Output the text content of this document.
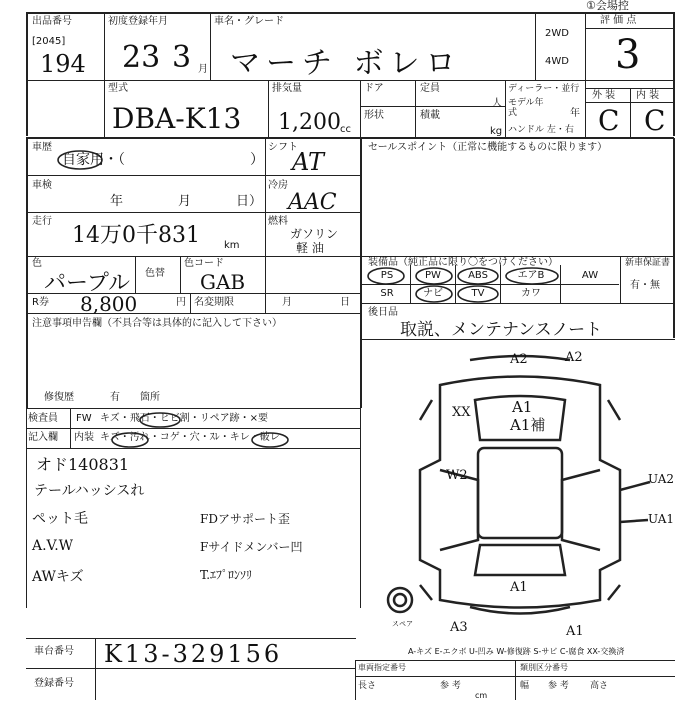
出品番号
[2045]
194
初度登録年月
23 3 月
車名・グレード
マーチ ボレロ
2WD
4WD
①会場控
評 価 点
3
外 装 内 装
C C
型式
DBA-K13
排気量
1,200 cc
ドア
形状
定員
人
積載
kg
ディーラー・並行
モデル年式	年
ハンドル 左・右
車歴
自家用・（	）
シフト
AT
車検
年	月	日）
冷房
AAC
走行
14万0千831 km
燃料
ガソリン
軽 油
色
パープル 色替
色コード
GAB
R券 8,800	円 名変期限	月	日
注意事項申告欄（不具合等は具体的に記入して下さい）
修復歴	有 箇所
セールスポイント（正常に機能するものに限ります）
装備品（純正品に限り〇をつけください）	新車保証書
有・無
PS	PW	ABS	エアB	AW
SR	ナビ	TV	カワ
後日品
取説、メンテナンスノート
検査員
記入欄
FW キズ・飛石・ヒビ割・リペア跡・×要
内装 キズ・汚れ・コゲ・穴・ｽﾚ・キレ・破レ
オド140831
テールハッシスれ
ペット毛
A.V.W
AWキズ
FDアサポート歪
Fサイドメンバー凹
T.ｴﾌﾟﾛﾝｿﾘ
A2	A2
XX	A1
A1補
W2	UA2
UA1
A1
A3	A1
スペア
A-キズ E-エクボ U-凹み W-修復跡 S-サビ C-腐食 XX-交換済
車台番号 K13-329156
登録番号
車両指定番号	類別区分番号
長さ	参 考
cm
幅 参 考 高さ
